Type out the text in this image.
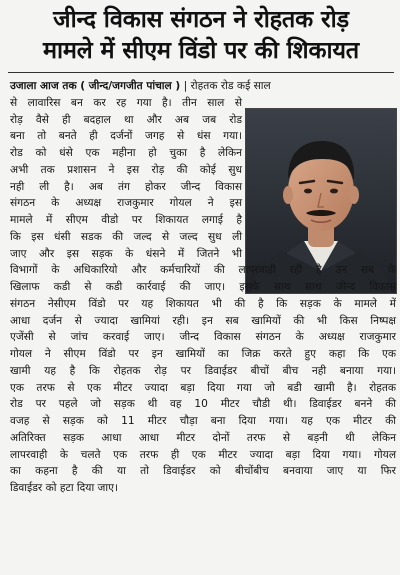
जीन्द विकास संगठन ने रोहतक रोड़
मामले में सीएम विंडो पर की शिकायत
उजाला आज तक ( जीन्द/जगजीत पांचाल ) | रोहतक रोड कई साल
से लावारिस बन कर रह गया है। तीन साल से
रोड़ वैसे ही बदहाल था और अब जब रोड
बना तो बनते ही दर्जनों जगह से धंस गया।
रोड को धंसे एक महीना हो चुका है लेकिन
अभी तक प्रशासन ने इस रोड़ की कोई सुध
नही ली है। अब तंग होकर जीन्द विकास
संगठन के अध्यक्ष राजकुमार गोयल ने इस
मामले में सीएम वीडो पर शिकायत लगाई है
कि इस धंसी सडक की जल्द से जल्द सुध ली
जाए और इस सड़क के धंसने में जितने भी
विभागों के अधिकारियो और कर्मचारियों की लापरवाही रही है उन सब के
खिलाफ कडी से कडी कार्रवाई की जाए। इसके साथ साथ जीन्द विकास
संगठन नेसीएम विंडो पर यह शिकायत भी की है कि सड़क के मामले में
आधा दर्जन से ज्यादा खामियां रही। इन सब खामियों की भी किस निष्पक्ष
एजेंसी से जांच करवाई जाए। जीन्द विकास संगठन के अध्यक्ष राजकुमार
गोयल ने सीएम विंडो पर इन खामियों का जिक्र करते हुए कहा कि एक
खामी यह है कि रोहतक रोड़ पर डिवाईडर बीचों बीच नही बनाया गया।
एक तरफ से एक मीटर ज्यादा बड़ा दिया गया जो बडी खामी है। रोहतक
रोड पर पहले जो सड़क थी वह 10 मीटर चौडी थी। डिवाईडर बनने की
वजह से सड़क को 11 मीटर चौड़ा बना दिया गया। यह एक मीटर की
अतिरिक्त सड़क आधा आधा मीटर दोनों तरफ से बड़नी थी लेकिन
लापरवाही के चलते एक तरफ ही एक मीटर ज्यादा बड़ा दिया गया। गोयल
का कहना है की या तो डिवाईडर को बीचोंबीच बनवाया जाए या फिर
डिवाईडर को हटा दिया जाए।
